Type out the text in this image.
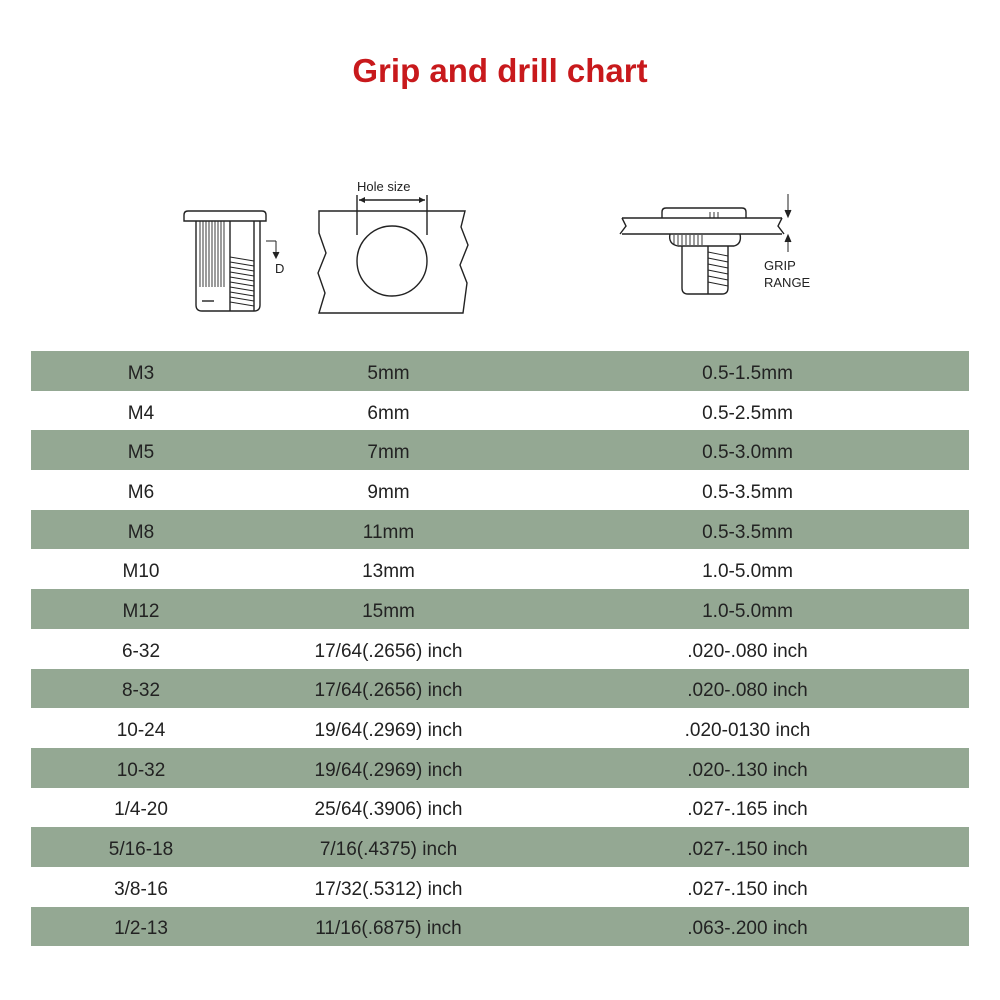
Grip and drill chart
D
Hole size
GRIP
RANGE
M3	5mm	0.5-1.5mm
M4	6mm	0.5-2.5mm
M5	7mm	0.5-3.0mm
M6	9mm	0.5-3.5mm
M8	11mm	0.5-3.5mm
M10	13mm	1.0-5.0mm
M12	15mm	1.0-5.0mm
6-32	17/64(.2656) inch	.020-.080 inch
8-32	17/64(.2656) inch	.020-.080 inch
10-24	19/64(.2969) inch	.020-0130 inch
10-32	19/64(.2969) inch	.020-.130 inch
1/4-20	25/64(.3906) inch	.027-.165 inch
5/16-18	7/16(.4375) inch	.027-.150 inch
3/8-16	17/32(.5312) inch	.027-.150 inch
1/2-13	11/16(.6875) inch	.063-.200 inch
